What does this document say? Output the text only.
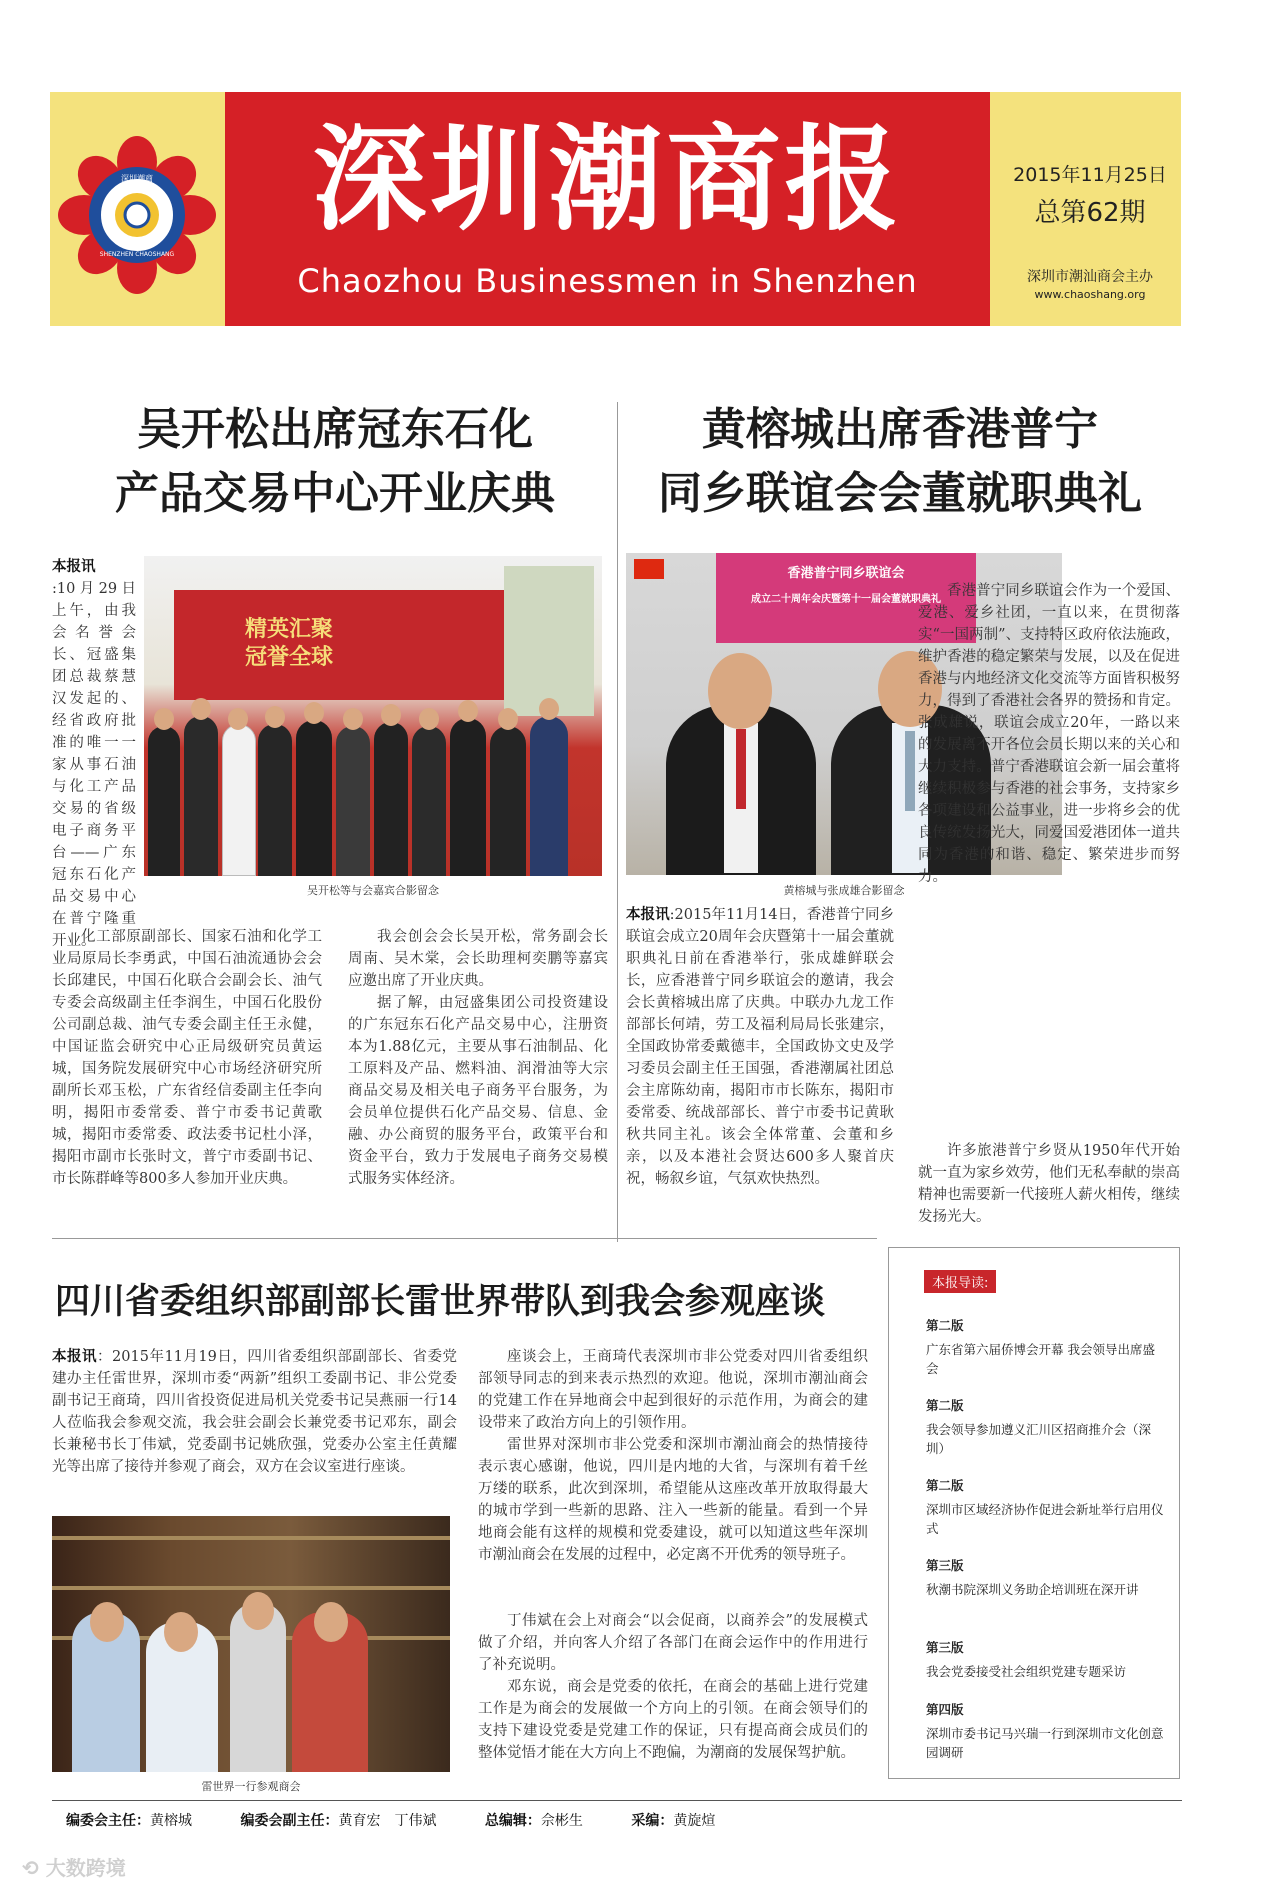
深圳潮商
SHENZHEN CHAOSHANG
深圳潮商报
Chaozhou Businessmen in Shenzhen
2015年11月25日
总第62期
深圳市潮汕商会主办
www.chaoshang.org
吴开松出席冠东石化
产品交易中心开业庆典
黄榕城出席香港普宁
同乡联谊会会董就职典礼
精英汇聚
冠誉全球
吴开松等与会嘉宾合影留念
本报讯
:10月29日上午，由我会名誉会长、冠盛集团总裁蔡慧汉发起的、经省政府批准的唯一一家从事石油与化工产品交易的省级电子商务平台——广东冠东石化产品交易中心在普宁隆重开业。
化工部原副部长、国家石油和化学工业局原局长李勇武，中国石油流通协会会长邱建民，中国石化联合会副会长、油气专委会高级副主任李润生，中国石化股份公司副总裁、油气专委会副主任王永健，中国证监会研究中心正局级研究员黄运城，国务院发展研究中心市场经济研究所副所长邓玉松，广东省经信委副主任李向明，揭阳市委常委、普宁市委书记黄歌城，揭阳市委常委、政法委书记杜小泽，揭阳市副市长张时文，普宁市委副书记、市长陈群峰等800多人参加开业庆典。
我会创会会长吴开松，常务副会长周南、吴木棠，会长助理柯奕鹏等嘉宾应邀出席了开业庆典。
据了解，由冠盛集团公司投资建设的广东冠东石化产品交易中心，注册资本为1.88亿元，主要从事石油制品、化工原料及产品、燃料油、润滑油等大宗商品交易及相关电子商务平台服务，为会员单位提供石化产品交易、信息、金融、办公商贸的服务平台，政策平台和资金平台，致力于发展电子商务交易模式服务实体经济。
香港普宁同乡联谊会
成立二十周年会庆暨第十一届会董就职典礼
黄榕城与张成雄合影留念
本报讯:2015年11月14日，香港普宁同乡联谊会成立20周年会庆暨第十一届会董就职典礼日前在香港举行，张成雄鲜联会长，应香港普宁同乡联谊会的邀请，我会会长黄榕城出席了庆典。中联办九龙工作部部长何靖，劳工及福利局局长张建宗，全国政协常委戴德丰，全国政协文史及学习委员会副主任王国强，香港潮属社团总会主席陈幼南，揭阳市市长陈东，揭阳市委常委、统战部部长、普宁市委书记黄耿秋共同主礼。该会全体常董、会董和乡亲，以及本港社会贤达600多人聚首庆祝，畅叙乡谊，气氛欢快热烈。
香港普宁同乡联谊会作为一个爱国、爱港、爱乡社团，一直以来，在贯彻落实“一国两制”、支持特区政府依法施政，维护香港的稳定繁荣与发展，以及在促进香港与内地经济文化交流等方面皆积极努力，得到了香港社会各界的赞扬和肯定。张成雄说，联谊会成立20年，一路以来的发展离不开各位会员长期以来的关心和大力支持。普宁香港联谊会新一届会董将继续积极参与香港的社会事务，支持家乡各项建设和公益事业，进一步将乡会的优良传统发扬光大，同爱国爱港团体一道共同为香港的和谐、稳定、繁荣进步而努力。
许多旅港普宁乡贤从1950年代开始就一直为家乡效劳，他们无私奉献的崇高精神也需要新一代接班人薪火相传，继续发扬光大。
四川省委组织部副部长雷世界带队到我会参观座谈
本报讯：2015年11月19日，四川省委组织部副部长、省委党建办主任雷世界，深圳市委“两新”组织工委副书记、非公党委副书记王商琦，四川省投资促进局机关党委书记吴燕丽一行14人莅临我会参观交流，我会驻会副会长兼党委书记邓东，副会长兼秘书长丁伟斌，党委副书记姚欣强，党委办公室主任黄耀光等出席了接待并参观了商会，双方在会议室进行座谈。
雷世界一行参观商会
座谈会上，王商琦代表深圳市非公党委对四川省委组织部领导同志的到来表示热烈的欢迎。他说，深圳市潮汕商会的党建工作在异地商会中起到很好的示范作用，为商会的建设带来了政治方向上的引领作用。
雷世界对深圳市非公党委和深圳市潮汕商会的热情接待表示衷心感谢，他说，四川是内地的大省，与深圳有着千丝万缕的联系，此次到深圳，希望能从这座改革开放取得最大的城市学到一些新的思路、注入一些新的能量。看到一个异地商会能有这样的规模和党委建设，就可以知道这些年深圳市潮汕商会在发展的过程中，必定离不开优秀的领导班子。
丁伟斌在会上对商会“以会促商，以商养会”的发展模式做了介绍，并向客人介绍了各部门在商会运作中的作用进行了补充说明。
邓东说，商会是党委的依托，在商会的基础上进行党建工作是为商会的发展做一个方向上的引领。在商会领导们的支持下建设党委是党建工作的保证，只有提高商会成员们的整体觉悟才能在大方向上不跑偏，为潮商的发展保驾护航。
本报导读:
第二版
广东省第六届侨博会开幕 我会领导出席盛会
第二版
我会领导参加遵义汇川区招商推介会（深圳）
第二版
深圳市区域经济协作促进会新址举行启用仪式
第三版
秋潮书院深圳义务助企培训班在深开讲
第三版
我会党委接受社会组织党建专题采访
第四版
深圳市委书记马兴瑞一行到深圳市文化创意园调研
编委会主任：黄榕城	编委会副主任：黄育宏　丁伟斌	总编辑：佘彬生	采编：黄旋煊
⟲ 大数跨境
